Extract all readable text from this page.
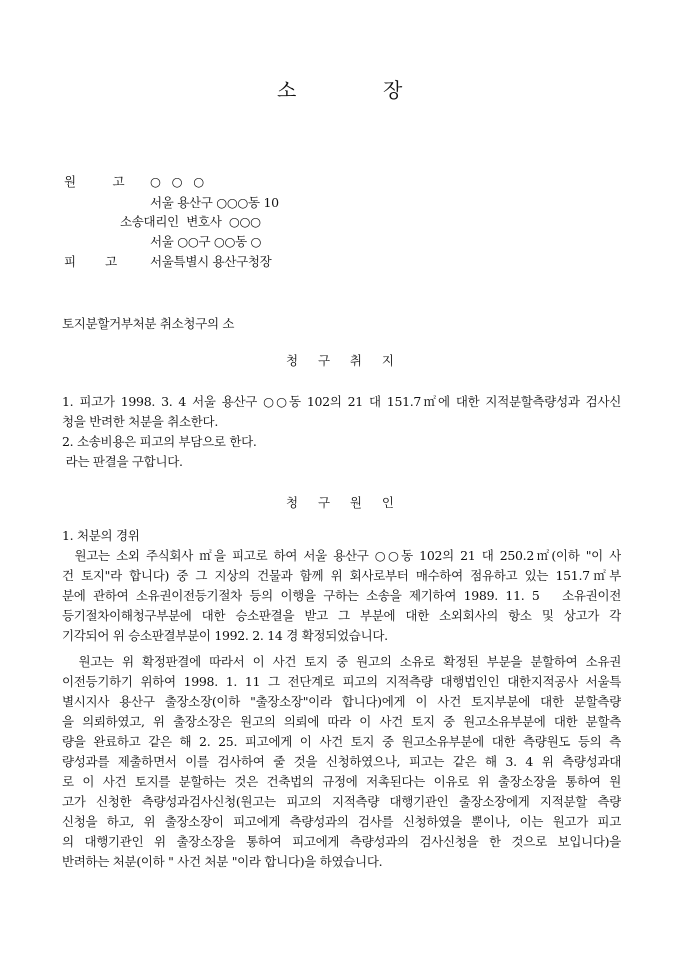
소	장
원          고 ○   ○   ○
서울 용산구 ○○○동 10
소송대리인  변호사  ○○○
서울 ○○구 ○○동 ○
피        고	서울특별시 용산구청장
토지분할거부처분 취소청구의 소
청     구     취     지
1. 피고가 1998. 3. 4 서울 용산구 ○○동 102의 21 대 151.7㎡에 대한 지적분할측량성과 검사신
청을 반려한 처분을 취소한다.
2. 소송비용은 피고의 부담으로 한다.
라는 판결을 구합니다.
청     구     원     인
1. 처분의 경위
원고는 소외 주식회사 ㎡을 피고로 하여 서울 용산구 ○○동 102의 21 대 250.2㎡(이하 "이 사
건 토지"라 합니다) 중 그 지상의 건물과 함께 위 회사로부터 매수하여 점유하고 있는 151.7㎡부
분에 관하여 소유권이전등기절차 등의 이행을 구하는 소송을 제기하여 1989. 11. 5   소유권이전
등기절차이해청구부분에 대한 승소판결을 받고 그 부분에 대한 소외회사의 항소 및 상고가 각
기각되어 위 승소판결부분이 1992. 2. 14 경 확정되었습니다.
원고는 위 확정판결에 따라서 이 사건 토지 중 원고의 소유로 확정된 부분을 분할하여 소유권
이전등기하기 위하여 1998. 1. 11 그 전단계로 피고의 지적측량 대행법인인 대한지적공사 서울특
별시지사 용산구 출장소장(이하 "출장소장"이라 합니다)에게 이 사건 토지부분에 대한 분할측량
을 의뢰하였고, 위 출장소장은 원고의 의뢰에 따라 이 사건 토지 중 원고소유부분에 대한 분할측
량을 완료하고 같은 해 2. 25. 피고에게 이 사건 토지 중 원고소유부분에 대한 측량원도 등의 측
량성과를 제출하면서 이를 검사하여 줄 것을 신청하였으나, 피고는 같은 해 3. 4 위 측량성과대
로 이 사건 토지를 분할하는 것은 건축법의 규정에 저촉된다는 이유로 위 출장소장을 통하여 원
고가 신청한 측량성과검사신청(원고는 피고의 지적측량 대행기관인 출장소장에게 지적분할 측량
신청을 하고, 위 출장소장이 피고에게 측량성과의 검사를 신청하였을 뿐이나, 이는 원고가 피고
의 대행기관인 위 출장소장을 통하여 피고에게 측량성과의 검사신청을 한 것으로 보입니다)을
반려하는 처분(이하 " 사건 처분 "이라 합니다)을 하였습니다.
